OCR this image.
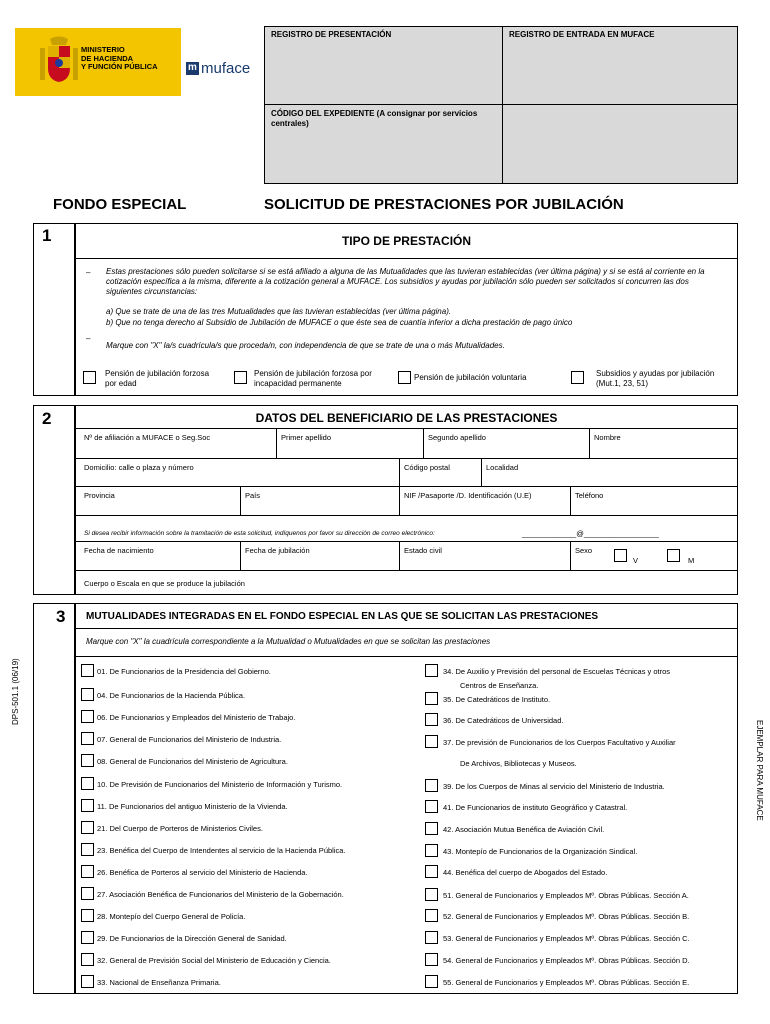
MINISTERIO
DE HACIENDA
Y FUNCIÓN PÚBLICA	m muface
REGISTRO DE PRESENTACIÓN	REGISTRO DE ENTRADA EN MUFACE
CÓDIGO DEL EXPEDIENTE (A consignar por servicios centrales)
FONDO ESPECIAL	SOLICITUD DE PRESTACIONES POR JUBILACIÓN
1	TIPO DE PRESTACIÓN
– Estas prestaciones sólo pueden solicitarse si se está afiliado a alguna de las Mutualidades que las tuvieran establecidas (ver última página) y si se está al corriente en la cotización específica a la misma, diferente a la cotización general a MUFACE. Los subsidios y ayudas por jubilación sólo pueden ser solicitados si concurren las dos siguientes circunstancias:
a) Que se trate de una de las tres Mutualidades que las tuvieran establecidas (ver última página).
b) Que no tenga derecho al Subsidio de Jubilación de MUFACE o que éste sea de cuantía inferior a dicha prestación de pago único
–
Marque con "X" la/s cuadrícula/s que proceda/n, con independencia de que se trate de una o más Mutualidades.
Pensión de jubilación forzosa por edad
Pensión de jubilación forzosa por incapacidad permanente
Pensión de jubilación voluntaria	Subsidios y ayudas por jubilación (Mut.1, 23, 51)
2	DATOS DEL BENEFICIARIO DE LAS PRESTACIONES
Nº de afiliación a MUFACE o Seg.Soc	Primer apellido	Segundo apellido	Nombre
Domicilio: calle o plaza y número	Código postal	Localidad
Provincia	País	NIF /Pasaporte /D. Identificación (U.E)	Teléfono
Si desea recibir información sobre la tramitación de esta solicitud, indíquenos por favor su dirección de correo electrónico:	_____________@__________________
Fecha de nacimiento	Fecha de jubilación	Estado civil	Sexo
V	M
Cuerpo o Escala en que se produce la jubilación
3 MUTUALIDADES INTEGRADAS EN EL FONDO ESPECIAL EN LAS QUE SE SOLICITAN LAS PRESTACIONES
Marque con "X" la cuadrícula correspondiente a la Mutualidad o Mutualidades en que se solicitan las prestaciones
01. De Funcionarios de la Presidencia del Gobierno.
04. De Funcionarios de la Hacienda Pública.
06. De Funcionarios y Empleados del Ministerio de Trabajo.
07. General de Funcionarios del Ministerio de Industria.
08. General de Funcionarios del Ministerio de Agricultura.
10. De Previsión de Funcionarios del Ministerio de Información y Turismo.
11. De Funcionarios del antiguo Ministerio de la Vivienda.
21. Del Cuerpo de Porteros de Ministerios Civiles.
23. Benéfica del Cuerpo de Intendentes al servicio de la Hacienda Pública.
26. Benéfica de Porteros al servicio del Ministerio de Hacienda.
27. Asociación Benéfica de Funcionarios del Ministerio de la Gobernación.
28. Montepío del Cuerpo General de Policía.
29. De Funcionarios de la Dirección General de Sanidad.
32. General de Previsión Social del Ministerio de Educación y Ciencia.
33. Nacional de Enseñanza Primaria.
34. De Auxilio y Previsión del personal de Escuelas Técnicas y otros
Centros de Enseñanza.
35. De Catedráticos de Instituto.
36. De Catedráticos de Universidad.
37. De previsión de Funcionarios de los Cuerpos Facultativo y Auxiliar
De Archivos, Bibliotecas y Museos.
39. De los Cuerpos de Minas al servicio del Ministerio de Industria.
41. De Funcionarios de instituto Geográfico y Catastral.
42. Asociación Mutua Benéfica de Aviación Civil.
43. Montepío de Funcionarios de la Organización Sindical.
44. Benéfica del cuerpo de Abogados del Estado.
51. General de Funcionarios y Empleados Mº. Obras Públicas. Sección A.
52. General de Funcionarios y Empleados Mº. Obras Públicas. Sección B.
53. General de Funcionarios y Empleados Mº. Obras Públicas. Sección C.
54. General de Funcionarios y Empleados Mº. Obras Públicas. Sección D.
55. General de Funcionarios y Empleados Mº. Obras Públicas. Sección E.
DPS-501.1 (06/19)
EJEMPLAR PARA MUFACE
